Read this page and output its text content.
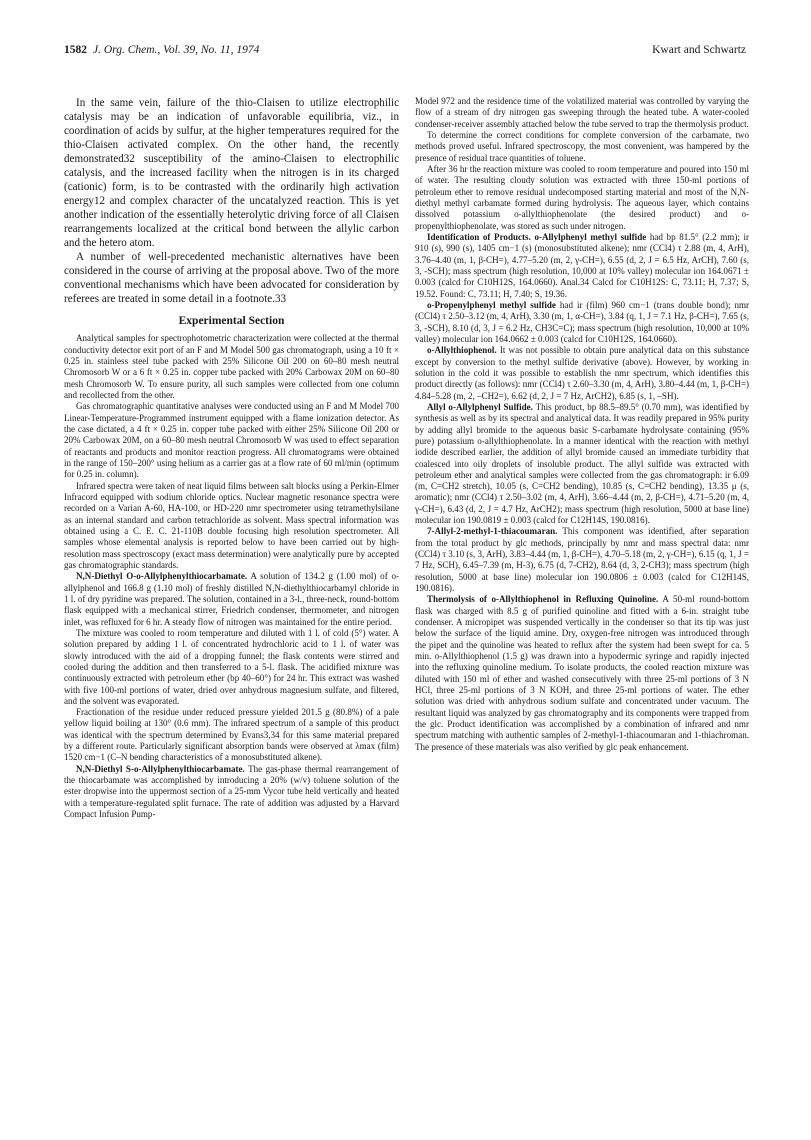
1582 J. Org. Chem., Vol. 39, No. 11, 1974	Kwart and Schwartz

In the same vein, failure of the thio-Claisen to utilize electrophilic catalysis may be an indication of unfavorable equilibria, viz., in coordination of acids by sulfur, at the higher temperatures required for the thio-Claisen activated complex. On the other hand, the recently demonstrated32 susceptibility of the amino-Claisen to electrophilic catalysis, and the increased facility when the nitrogen is in its charged (cationic) form, is to be contrasted with the ordinarily high activation energy12 and complex character of the uncatalyzed reaction. This is yet another indication of the essentially heterolytic driving force of all Claisen rearrangements localized at the critical bond between the allylic carbon and the hetero atom.

A number of well-precedented mechanistic alternatives have been considered in the course of arriving at the proposal above. Two of the more conventional mechanisms which have been advocated for consideration by referees are treated in some detail in a footnote.33

Experimental Section

Analytical samples for spectrophotometric characterization were collected at the thermal conductivity detector exit port of an F and M Model 500 gas chromatograph, using a 10 ft × 0.25 in. stainless steel tube packed with 25% Silicone Oil 200 on 60–80 mesh neutral Chromosorb W or a 6 ft × 0.25 in. copper tube packed with 20% Carbowax 20M on 60–80 mesh Chromosorb W. To ensure purity, all such samples were collected from one column and recollected from the other.

Gas chromatographic quantitative analyses were conducted using an F and M Model 700 Linear-Temperature-Programmed instrument equipped with a flame ionization detector. As the case dictated, a 4 ft × 0.25 in. copper tube packed with either 25% Silicone Oil 200 or 20% Carbowax 20M, on a 60–80 mesh neutral Chromosorb W was used to effect separation of reactants and products and monitor reaction progress. All chromatograms were obtained in the range of 150–200° using helium as a carrier gas at a flow rate of 60 ml/min (optimum for 0.25 in. column).

Infrared spectra were taken of neat liquid films between salt blocks using a Perkin-Elmer Infracord equipped with sodium chloride optics. Nuclear magnetic resonance spectra were recorded on a Varian A-60, HA-100, or HD-220 nmr spectrometer using tetramethylsilane as an internal standard and carbon tetrachloride as solvent. Mass spectral information was obtained using a C. E. C. 21-110B double focusing high resolution spectrometer. All samples whose elemental analysis is reported below to have been carried out by high-resolution mass spectroscopy (exact mass determination) were analytically pure by accepted gas chromatographic standards.

N,N-Diethyl O-o-Allylphenylthiocarbamate. A solution of 134.2 g (1.00 mol) of o-allylphenol and 166.8 g (1.10 mol) of freshly distilled N,N-diethylthiocarbamyl chloride in 1 l. of dry pyridine was prepared. The solution, contained in a 3-l., three-neck, round-bottom flask equipped with a mechanical stirrer, Friedrich condenser, thermometer, and nitrogen inlet, was refluxed for 6 hr. A steady flow of nitrogen was maintained for the entire period.

The mixture was cooled to room temperature and diluted with 1 l. of cold (5°) water. A solution prepared by adding 1 l. of concentrated hydrochloric acid to 1 l. of water was slowly introduced with the aid of a dropping funnel; the flask contents were stirred and cooled during the addition and then transferred to a 5-l. flask. The acidified mixture was continuously extracted with petroleum ether (bp 40–60°) for 24 hr. This extract was washed with five 100-ml portions of water, dried over anhydrous magnesium sulfate, and filtered, and the solvent was evaporated.

Fractionation of the residue under reduced pressure yielded 201.5 g (80.8%) of a pale yellow liquid boiling at 130° (0.6 mm). The infrared spectrum of a sample of this product was identical with the spectrum determined by Evans3,34 for this same material prepared by a different route. Particularly significant absorption bands were observed at λmax (film) 1520 cm−1 (C–N bending characteristics of a monosubstituted alkene).

N,N-Diethyl S-o-Allylphenylthiocarbamate. The gas-phase thermal rearrangement of the thiocarbamate was accomplished by introducing a 20% (w/v) toluene solution of the ester dropwise into the uppermost section of a 25-mm Vycor tube held vertically and heated with a temperature-regulated split furnace. The rate of addition was adjusted by a Harvard Compact Infusion Pump-

Model 972 and the residence time of the volatilized material was controlled by varying the flow of a stream of dry nitrogen gas sweeping through the heated tube. A water-cooled condenser-receiver assembly attached below the tube served to trap the thermolysis product.

To determine the correct conditions for complete conversion of the carbamate, two methods proved useful. Infrared spectroscopy, the most convenient, was hampered by the presence of residual trace quantities of toluene.

After 36 hr the reaction mixture was cooled to room temperature and poured into 150 ml of water. The resulting cloudy solution was extracted with three 150-ml portions of petroleum ether to remove residual undecomposed starting material and most of the N,N-diethyl methyl carbamate formed during hydrolysis. The aqueous layer, which contains dissolved potassium o-allylthiophenolate (the desired product) and o-propenylthiophenolate, was stored as such under nitrogen.

Identification of Products. o-Allylphenyl methyl sulfide had bp 81.5° (2.2 mm); ir 910 (s), 990 (s), 1405 cm−1 (s) (monosubstituted alkene); nmr (CCl4) τ 2.88 (m, 4, ArH), 3.76–4.40 (m, 1, β-CH=), 4.77–5.20 (m, 2, γ-CH=), 6.55 (d, 2, J = 6.5 Hz, ArCH), 7.60 (s, 3, -SCH); mass spectrum (high resolution, 10,000 at 10% valley) molecular ion 164.0671 ± 0.003 (calcd for C10H12S, 164.0660). Anal.34 Calcd for C10H12S: C, 73.11; H, 7.37; S, 19.52. Found: C, 73.11; H, 7.40; S, 19.36.

o-Propenylphenyl methyl sulfide had ir (film) 960 cm−1 (trans double bond); nmr (CCl4) τ 2.50–3.12 (m, 4, ArH), 3.30 (m, 1, α-CH=), 3.84 (q, 1, J = 7.1 Hz, β-CH=), 7.65 (s, 3, -SCH), 8.10 (d, 3, J = 6.2 Hz, CH3C=C); mass spectrum (high resolution, 10,000 at 10% valley) molecular ion 164.0662 ± 0.003 (calcd for C10H12S, 164.0660).

o-Allylthiophenol. It was not possible to obtain pure analytical data on this substance except by conversion to the methyl sulfide derivative (above). However, by working in solution in the cold it was possible to establish the nmr spectrum, which identifies this product directly (as follows): nmr (CCl4) τ 2.60–3.30 (m, 4, ArH), 3.80–4.44 (m, 1, β-CH=) 4.84–5.28 (m, 2, –CH2=), 6.62 (d, 2, J = 7 Hz, ArCH2), 6.85 (s, 1, –SH).

Allyl o-Allylphenyl Sulfide. This product, bp 88.5–89.5° (0.70 mm), was identified by synthesis as well as by its spectral and analytical data. It was readily prepared in 95% purity by adding allyl bromide to the aqueous basic S-carbamate hydrolysate containing (95% pure) potassium o-allylthiophenolate. In a manner identical with the reaction with methyl iodide described earlier, the addition of allyl bromide caused an immediate turbidity that coalesced into oily droplets of insoluble product. The allyl sulfide was extracted with petroleum ether and analytical samples were collected from the gas chromatograph: ir 6.09 (m, C=CH2 stretch), 10.05 (s, C=CH2 bending), 10.85 (s, C=CH2 bending), 13.35 μ (s, aromatic); nmr (CCl4) τ 2.50–3.02 (m, 4, ArH), 3.66–4.44 (m, 2, β-CH=), 4.71–5.20 (m, 4, γ-CH=), 6.43 (d, 2, J = 4.7 Hz, ArCH2); mass spectrum (high resolution, 5000 at base line) molecular ion 190.0819 ± 0.003 (calcd for C12H14S, 190.0816).

7-Allyl-2-methyl-1-thiacoumaran. This component was identified, after separation from the total product by glc methods, principally by nmr and mass spectral data: nmr (CCl4) τ 3.10 (s, 3, ArH), 3.83–4.44 (m, 1, β-CH=), 4.70–5.18 (m, 2, γ-CH=), 6.15 (q, 1, J = 7 Hz, SCH), 6.45–7.39 (m, H-3), 6.75 (d, 7-CH2), 8.64 (d, 3, 2-CH3); mass spectrum (high resolution, 5000 at base line) molecular ion 190.0806 ± 0.003 (calcd for C12H14S, 190.0816).

Thermolysis of o-Allylthiophenol in Refluxing Quinoline. A 50-ml round-bottom flask was charged with 8.5 g of purified quinoline and fitted with a 6-in. straight tube condenser. A micropipet was suspended vertically in the condenser so that its tip was just below the surface of the liquid amine. Dry, oxygen-free nitrogen was introduced through the pipet and the quinoline was heated to reflux after the system had been swept for ca. 5 min. o-Allylthiophenol (1.5 g) was drawn into a hypodermic syringe and rapidly injected into the refluxing quinoline medium. To isolate products, the cooled reaction mixture was diluted with 150 ml of ether and washed consecutively with three 25-ml portions of 3 N HCl, three 25-ml portions of 3 N KOH, and three 25-ml portions of water. The ether solution was dried with anhydrous sodium sulfate and concentrated under vacuum. The resultant liquid was analyzed by gas chromatography and its components were trapped from the glc. Product identification was accomplished by a combination of infrared and nmr spectrum matching with authentic samples of 2-methyl-1-thiacoumaran and 1-thiachroman. The presence of these materials was also verified by glc peak enhancement.
